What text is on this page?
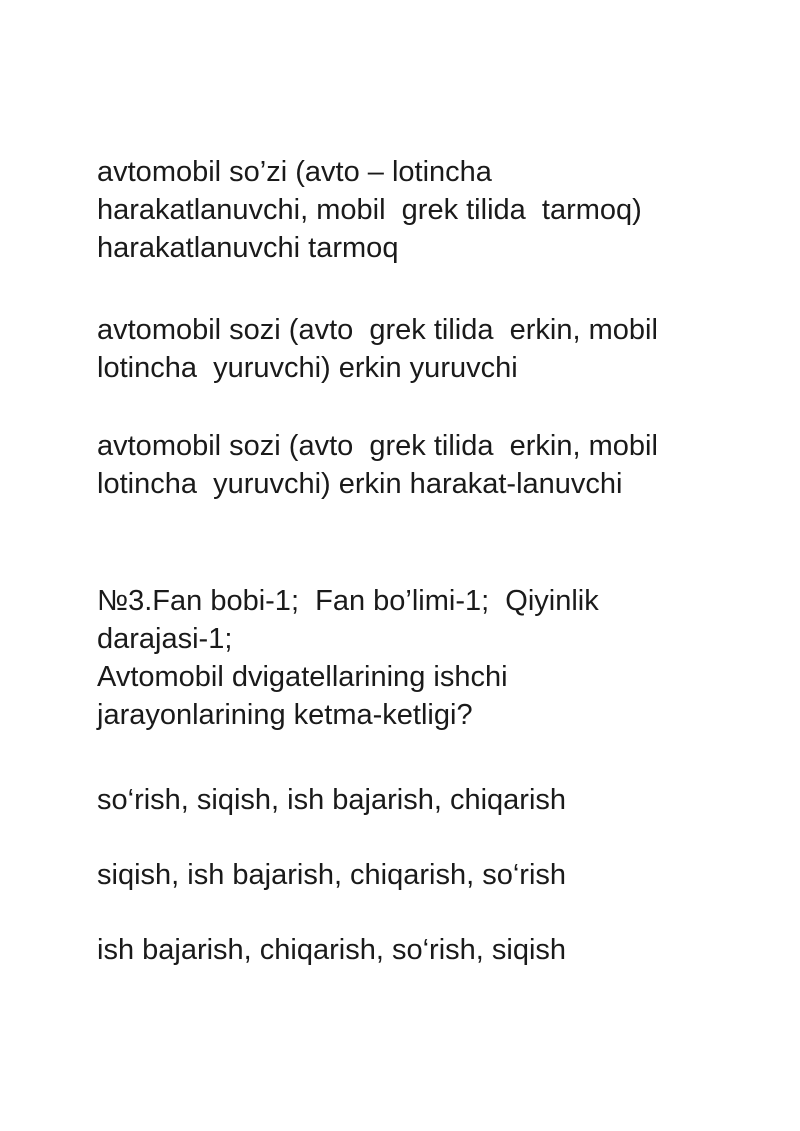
avtomobil so’zi (avto – lotincha
harakatlanuvchi, mobil  grek tilida  tarmoq)
harakatlanuvchi tarmoq

avtomobil sozi (avto  grek tilida  erkin, mobil
lotincha  yuruvchi) erkin yuruvchi

avtomobil sozi (avto  grek tilida  erkin, mobil
lotincha  yuruvchi) erkin harakat-lanuvchi

№3.Fan bobi-1;  Fan bo’limi-1;  Qiyinlik
darajasi-1;
Avtomobil dvigatellarining ishchi
jarayonlarining ketma-ketligi?

so‘rish, siqish, ish bajarish, chiqarish

siqish, ish bajarish, chiqarish, so‘rish

ish bajarish, chiqarish, so‘rish, siqish
